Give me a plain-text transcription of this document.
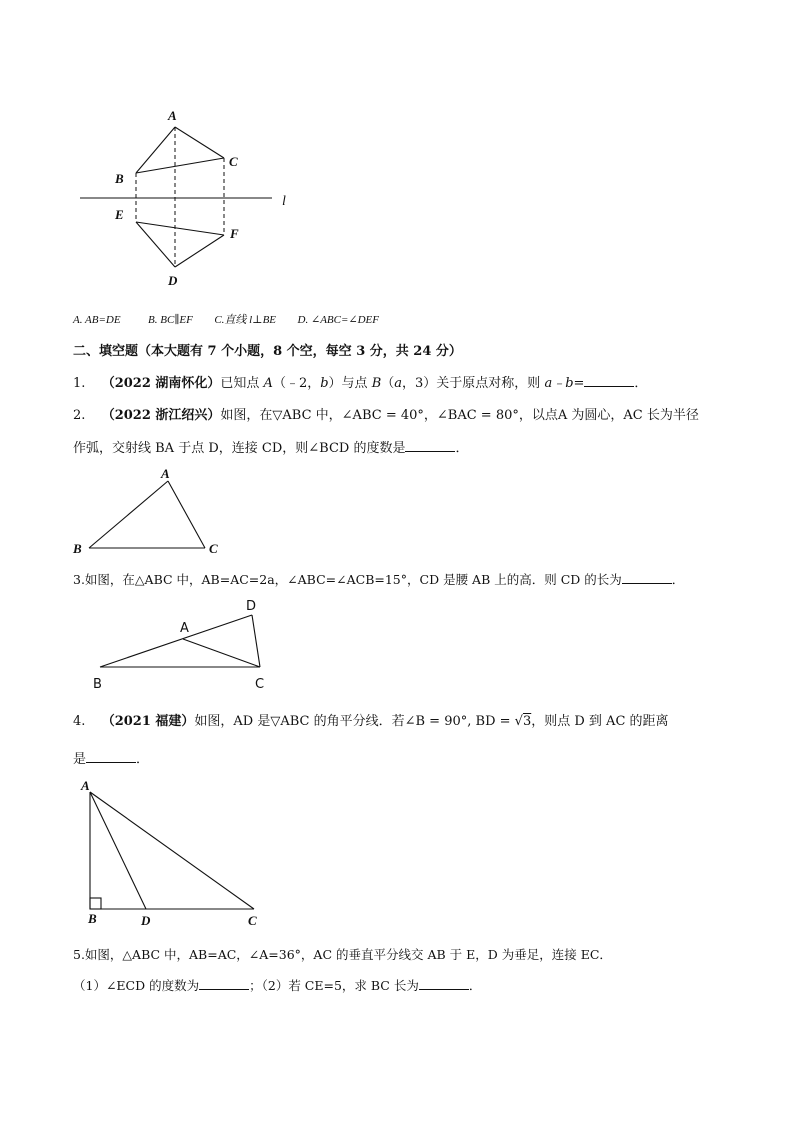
A
B
C
E
F
D
l
A
B	C
A
B	C
D
A
B	D	C
A. AB=DE	B. BC∥EF C.直线 l⊥BE D. ∠ABC=∠DEF
二、填空题（本大题有 7 个小题，8 个空，每空 3 分，共 24 分）
1. （2022 湖南怀化）已知点 A（﹣2，b）与点 B（a，3）关于原点对称，则 a﹣b=	．
2. （2022 浙江绍兴）如图，在▽ABC 中，∠ABC = 40°，∠BAC = 80°，以点A 为圆心，AC 长为半径
作弧，交射线 BA 于点 D，连接 CD，则∠BCD 的度数是	．
3.如图，在△ABC 中，AB=AC=2a，∠ABC=∠ACB=15°，CD 是腰 AB 上的高．则 CD 的长为	．
4. （2021 福建）如图，AD 是▽ABC 的角平分线．若∠B = 90°, BD = √3，则点 D 到 AC 的距离
是	．
5.如图，△ABC 中，AB=AC，∠A=36°，AC 的垂直平分线交 AB 于 E，D 为垂足，连接 EC．
（1）∠ECD 的度数为	；（2）若 CE=5，求 BC 长为	．
